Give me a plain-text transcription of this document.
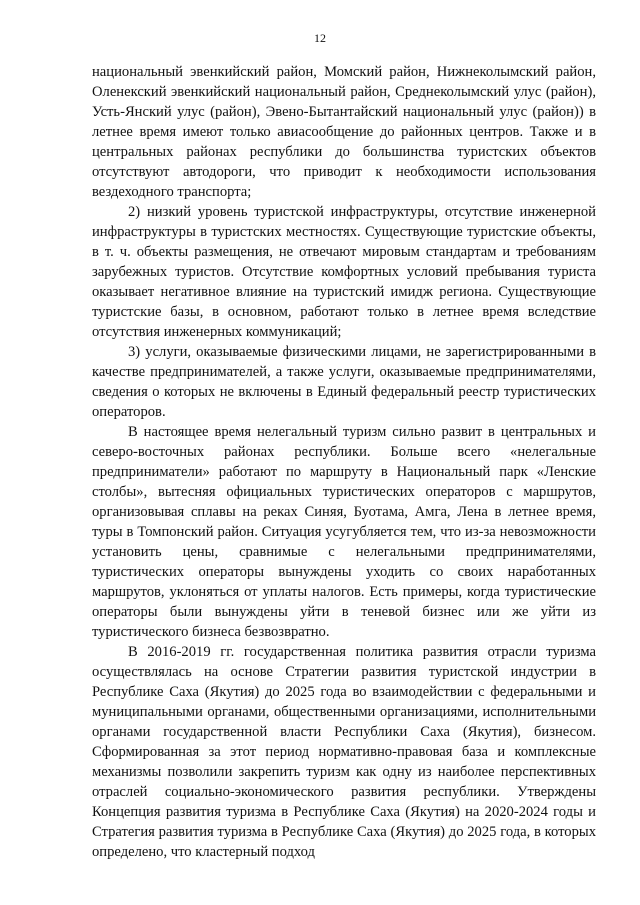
12

национальный эвенкийский район, Момский район, Нижнеколымский район, Оленекский эвенкийский национальный район, Среднеколымский улус (район), Усть-Янский улус (район), Эвено-Бытантайский национальный улус (район)) в летнее время имеют только авиасообщение до районных центров. Также и в центральных районах республики до большинства туристских объектов отсутствуют автодороги, что приводит к необходимости использования вездеходного транспорта;

2) низкий уровень туристской инфраструктуры, отсутствие инженерной инфраструктуры в туристских местностях. Существующие туристские объекты, в т. ч. объекты размещения, не отвечают мировым стандартам и требованиям зарубежных туристов. Отсутствие комфортных условий пребывания туриста оказывает негативное влияние на туристский имидж региона. Существующие туристские базы, в основном, работают только в летнее время вследствие отсутствия инженерных коммуникаций;

3) услуги, оказываемые физическими лицами, не зарегистрированными в качестве предпринимателей, а также услуги, оказываемые предпринимателями, сведения о которых не включены в Единый федеральный реестр туристических операторов.

В настоящее время нелегальный туризм сильно развит в центральных и северо-восточных районах республики. Больше всего «нелегальные предприниматели» работают по маршруту в Национальный парк «Ленские столбы», вытесняя официальных туристических операторов с маршрутов, организовывая сплавы на реках Синяя, Буотама, Амга, Лена в летнее время, туры в Томпонский район. Ситуация усугубляется тем, что из-за невозможности установить цены, сравнимые с нелегальными предпринимателями, туристических операторы вынуждены уходить со своих наработанных маршрутов, уклоняться от уплаты налогов. Есть примеры, когда туристические операторы были вынуждены уйти в теневой бизнес или же уйти из туристического бизнеса безвозвратно.

В 2016-2019 гг. государственная политика развития отрасли туризма осуществлялась на основе Стратегии развития туристской индустрии в Республике Саха (Якутия) до 2025 года во взаимодействии с федеральными и муниципальными органами, общественными организациями, исполнительными органами государственной власти Республики Саха (Якутия), бизнесом. Сформированная за этот период нормативно-правовая база и комплексные механизмы позволили закрепить туризм как одну из наиболее перспективных отраслей социально-экономического развития республики. Утверждены Концепция развития туризма в Республике Саха (Якутия) на 2020-2024 годы и Стратегия развития туризма в Республике Саха (Якутия) до 2025 года, в которых определено, что кластерный подход
